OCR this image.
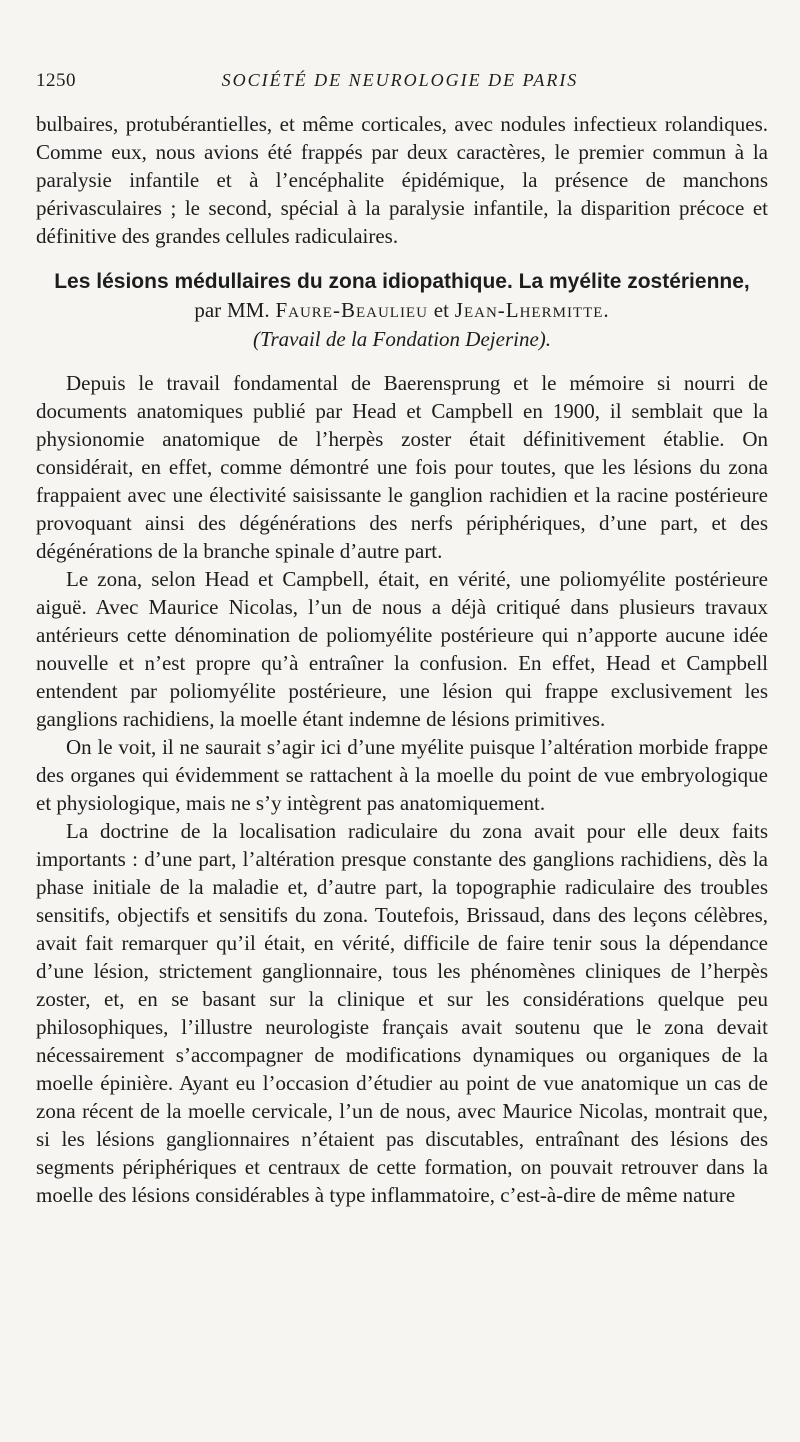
1250	SOCIÉTÉ DE NEUROLOGIE DE PARIS

bulbaires, protubérantielles, et même corticales, avec nodules infectieux rolandiques. Comme eux, nous avions été frappés par deux caractères, le premier commun à la paralysie infantile et à l’encéphalite épidémique, la présence de manchons périvasculaires ; le second, spécial à la paralysie infantile, la disparition précoce et définitive des grandes cellules radiculaires.

Les lésions médullaires du zona idiopathique. La myélite zostérienne,

par MM. Faure-Beaulieu et Jean-Lhermitte.

(Travail de la Fondation Dejerine).

Depuis le travail fondamental de Baerensprung et le mémoire si nourri de documents anatomiques publié par Head et Campbell en 1900, il semblait que la physionomie anatomique de l’herpès zoster était définitivement établie. On considérait, en effet, comme démontré une fois pour toutes, que les lésions du zona frappaient avec une électivité saisissante le ganglion rachidien et la racine postérieure provoquant ainsi des dégénérations des nerfs périphériques, d’une part, et des dégénérations de la branche spinale d’autre part.

Le zona, selon Head et Campbell, était, en vérité, une poliomyélite postérieure aiguë. Avec Maurice Nicolas, l’un de nous a déjà critiqué dans plusieurs travaux antérieurs cette dénomination de poliomyélite postérieure qui n’apporte aucune idée nouvelle et n’est propre qu’à entraîner la confusion. En effet, Head et Campbell entendent par poliomyélite postérieure, une lésion qui frappe exclusivement les ganglions rachidiens, la moelle étant indemne de lésions primitives.

On le voit, il ne saurait s’agir ici d’une myélite puisque l’altération morbide frappe des organes qui évidemment se rattachent à la moelle du point de vue embryologique et physiologique, mais ne s’y intègrent pas anatomiquement.

La doctrine de la localisation radiculaire du zona avait pour elle deux faits importants : d’une part, l’altération presque constante des ganglions rachidiens, dès la phase initiale de la maladie et, d’autre part, la topographie radiculaire des troubles sensitifs, objectifs et sensitifs du zona. Toutefois, Brissaud, dans des leçons célèbres, avait fait remarquer qu’il était, en vérité, difficile de faire tenir sous la dépendance d’une lésion, strictement ganglionnaire, tous les phénomènes cliniques de l’herpès zoster, et, en se basant sur la clinique et sur les considérations quelque peu philosophiques, l’illustre neurologiste français avait soutenu que le zona devait nécessairement s’accompagner de modifications dynamiques ou organiques de la moelle épinière. Ayant eu l’occasion d’étudier au point de vue anatomique un cas de zona récent de la moelle cervicale, l’un de nous, avec Maurice Nicolas, montrait que, si les lésions ganglionnaires n’étaient pas discutables, entraînant des lésions des segments périphériques et centraux de cette formation, on pouvait retrouver dans la moelle des lésions considérables à type inflammatoire, c’est-à-dire de même nature
